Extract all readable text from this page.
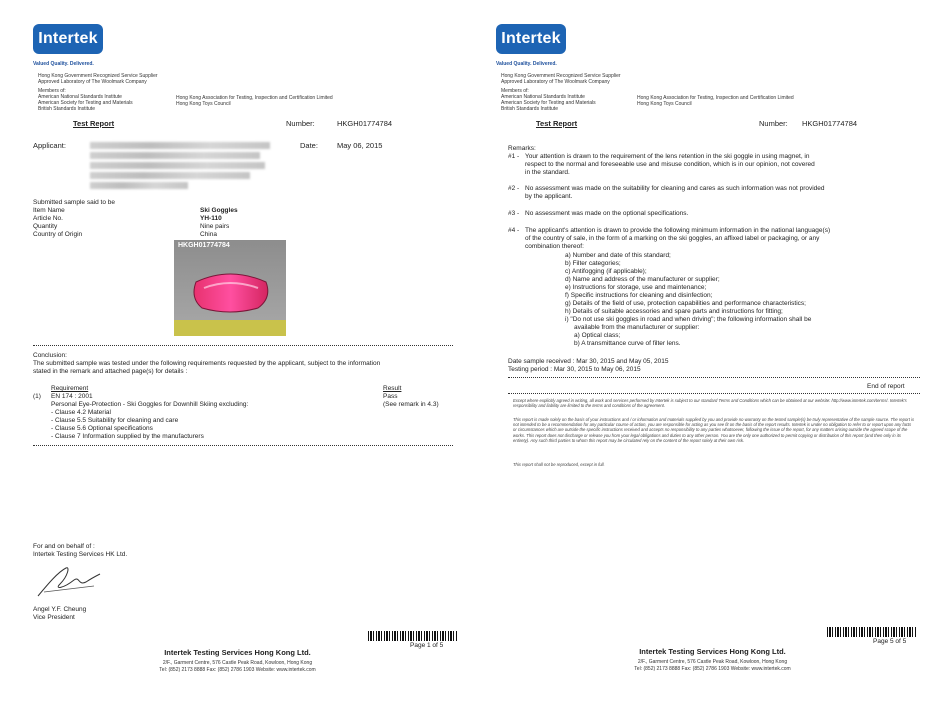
Intertek
Valued Quality. Delivered.
Hong Kong Government Recognized Service Supplier
Approved Laboratory of The Woolmark Company
Members of:
American National Standards Institute
American Society for Testing and Materials
British Standards Institute
Hong Kong Association for Testing, Inspection and Certification Limited
Hong Kong Toys Council
Test Report	Number:	HKGH01774784
Applicant:	Date:	May 06, 2015
Submitted sample said to be
Item Name	Ski Goggles
Article No.	YH-110
Quantity	Nine pairs
Country of Origin	China
HKGH01774784
Conclusion:
The submitted sample was tested under the following requirements requested by the applicant, subject to the information
stated in the remark and attached page(s) for details :
Requirement	Result
(1) EN 174 : 2001	Pass
(See remark in 4.3)
Personal Eye-Protection - Ski Goggles for Downhill Skiing excluding:
- Clause 4.2 Material
- Clause 5.5 Suitability for cleaning and care
- Clause 5.6 Optional specifications
- Clause 7 Information supplied by the manufacturers
For and on behalf of :
Intertek Testing Services HK Ltd.
Angel Y.F. Cheung
Vice President
Page 1 of 5
Intertek Testing Services Hong Kong Ltd.
2/F., Garment Centre, 576 Castle Peak Road, Kowloon, Hong Kong
Tel: (852) 2173 8888 Fax: (852) 2786 1903 Website: www.intertek.com
Intertek
Valued Quality. Delivered.
Hong Kong Government Recognized Service Supplier
Approved Laboratory of The Woolmark Company
Members of:
American National Standards Institute
American Society for Testing and Materials
British Standards Institute
Hong Kong Association for Testing, Inspection and Certification Limited
Hong Kong Toys Council
Test Report	Number: HKGH01774784
Remarks:
#1 - Your attention is drawn to the requirement of the lens retention in the ski goggle in using magnet, in
respect to the normal and foreseeable use and misuse condition, which is in our opinion, not covered
in the standard.
#2 - No assessment was made on the suitability for cleaning and cares as such information was not provided
by the applicant.
#3 - No assessment was made on the optional specifications.
#4 - The applicant's attention is drawn to provide the following minimum information in the national language(s)
of the country of sale, in the form of a marking on the ski goggles, an affixed label or packaging, or any
combination thereof:
a) Number and date of this standard;
b) Filter categories;
c) Antifogging (if applicable);
d) Name and address of the manufacturer or supplier;
e) Instructions for storage, use and maintenance;
f) Specific instructions for cleaning and disinfection;
g) Details of the field of use, protection capabilities and performance characteristics;
h) Details of suitable accessories and spare parts and instructions for fitting;
i) "Do not use ski goggles in road and when driving"; the following information shall be
available from the manufacturer or supplier:
a) Optical class;
b) A transmittance curve of filter lens.
Date sample received : Mar 30, 2015 and May 05, 2015
Testing period : Mar 30, 2015 to May 06, 2015
End of report
Except where explicitly agreed in writing, all work and services performed by Intertek is subject to our standard Terms and Conditions which can be obtained at our website: http://www.intertek.com/terms/. Intertek's responsibility and liability are limited to the terms and conditions of the agreement.
This report is made solely on the basis of your instructions and / or information and materials supplied by you and provide no warranty on the tested sample(s) be truly representative of the sample source. The report is not intended to be a recommendation for any particular course of action, you are responsible for acting as you see fit on the basis of the report results. Intertek is under no obligation to refer to or report upon any facts or circumstances which are outside the specific instructions received and accepts no responsibility to any parties whatsoever, following the issue of the report, for any matters arising outside the agreed scope of the works. This report does not discharge or release you from your legal obligations and duties to any other person. You are the only one authorized to permit copying or distribution of this report (and then only in its entirety). Any such third parties to whom this report may be circulated rely on the content of the report solely at their own risk.
This report shall not be reproduced, except in full.
Page 5 of 5
Intertek Testing Services Hong Kong Ltd.
2/F., Garment Centre, 576 Castle Peak Road, Kowloon, Hong Kong
Tel: (852) 2173 8888 Fax: (852) 2786 1903 Website: www.intertek.com
